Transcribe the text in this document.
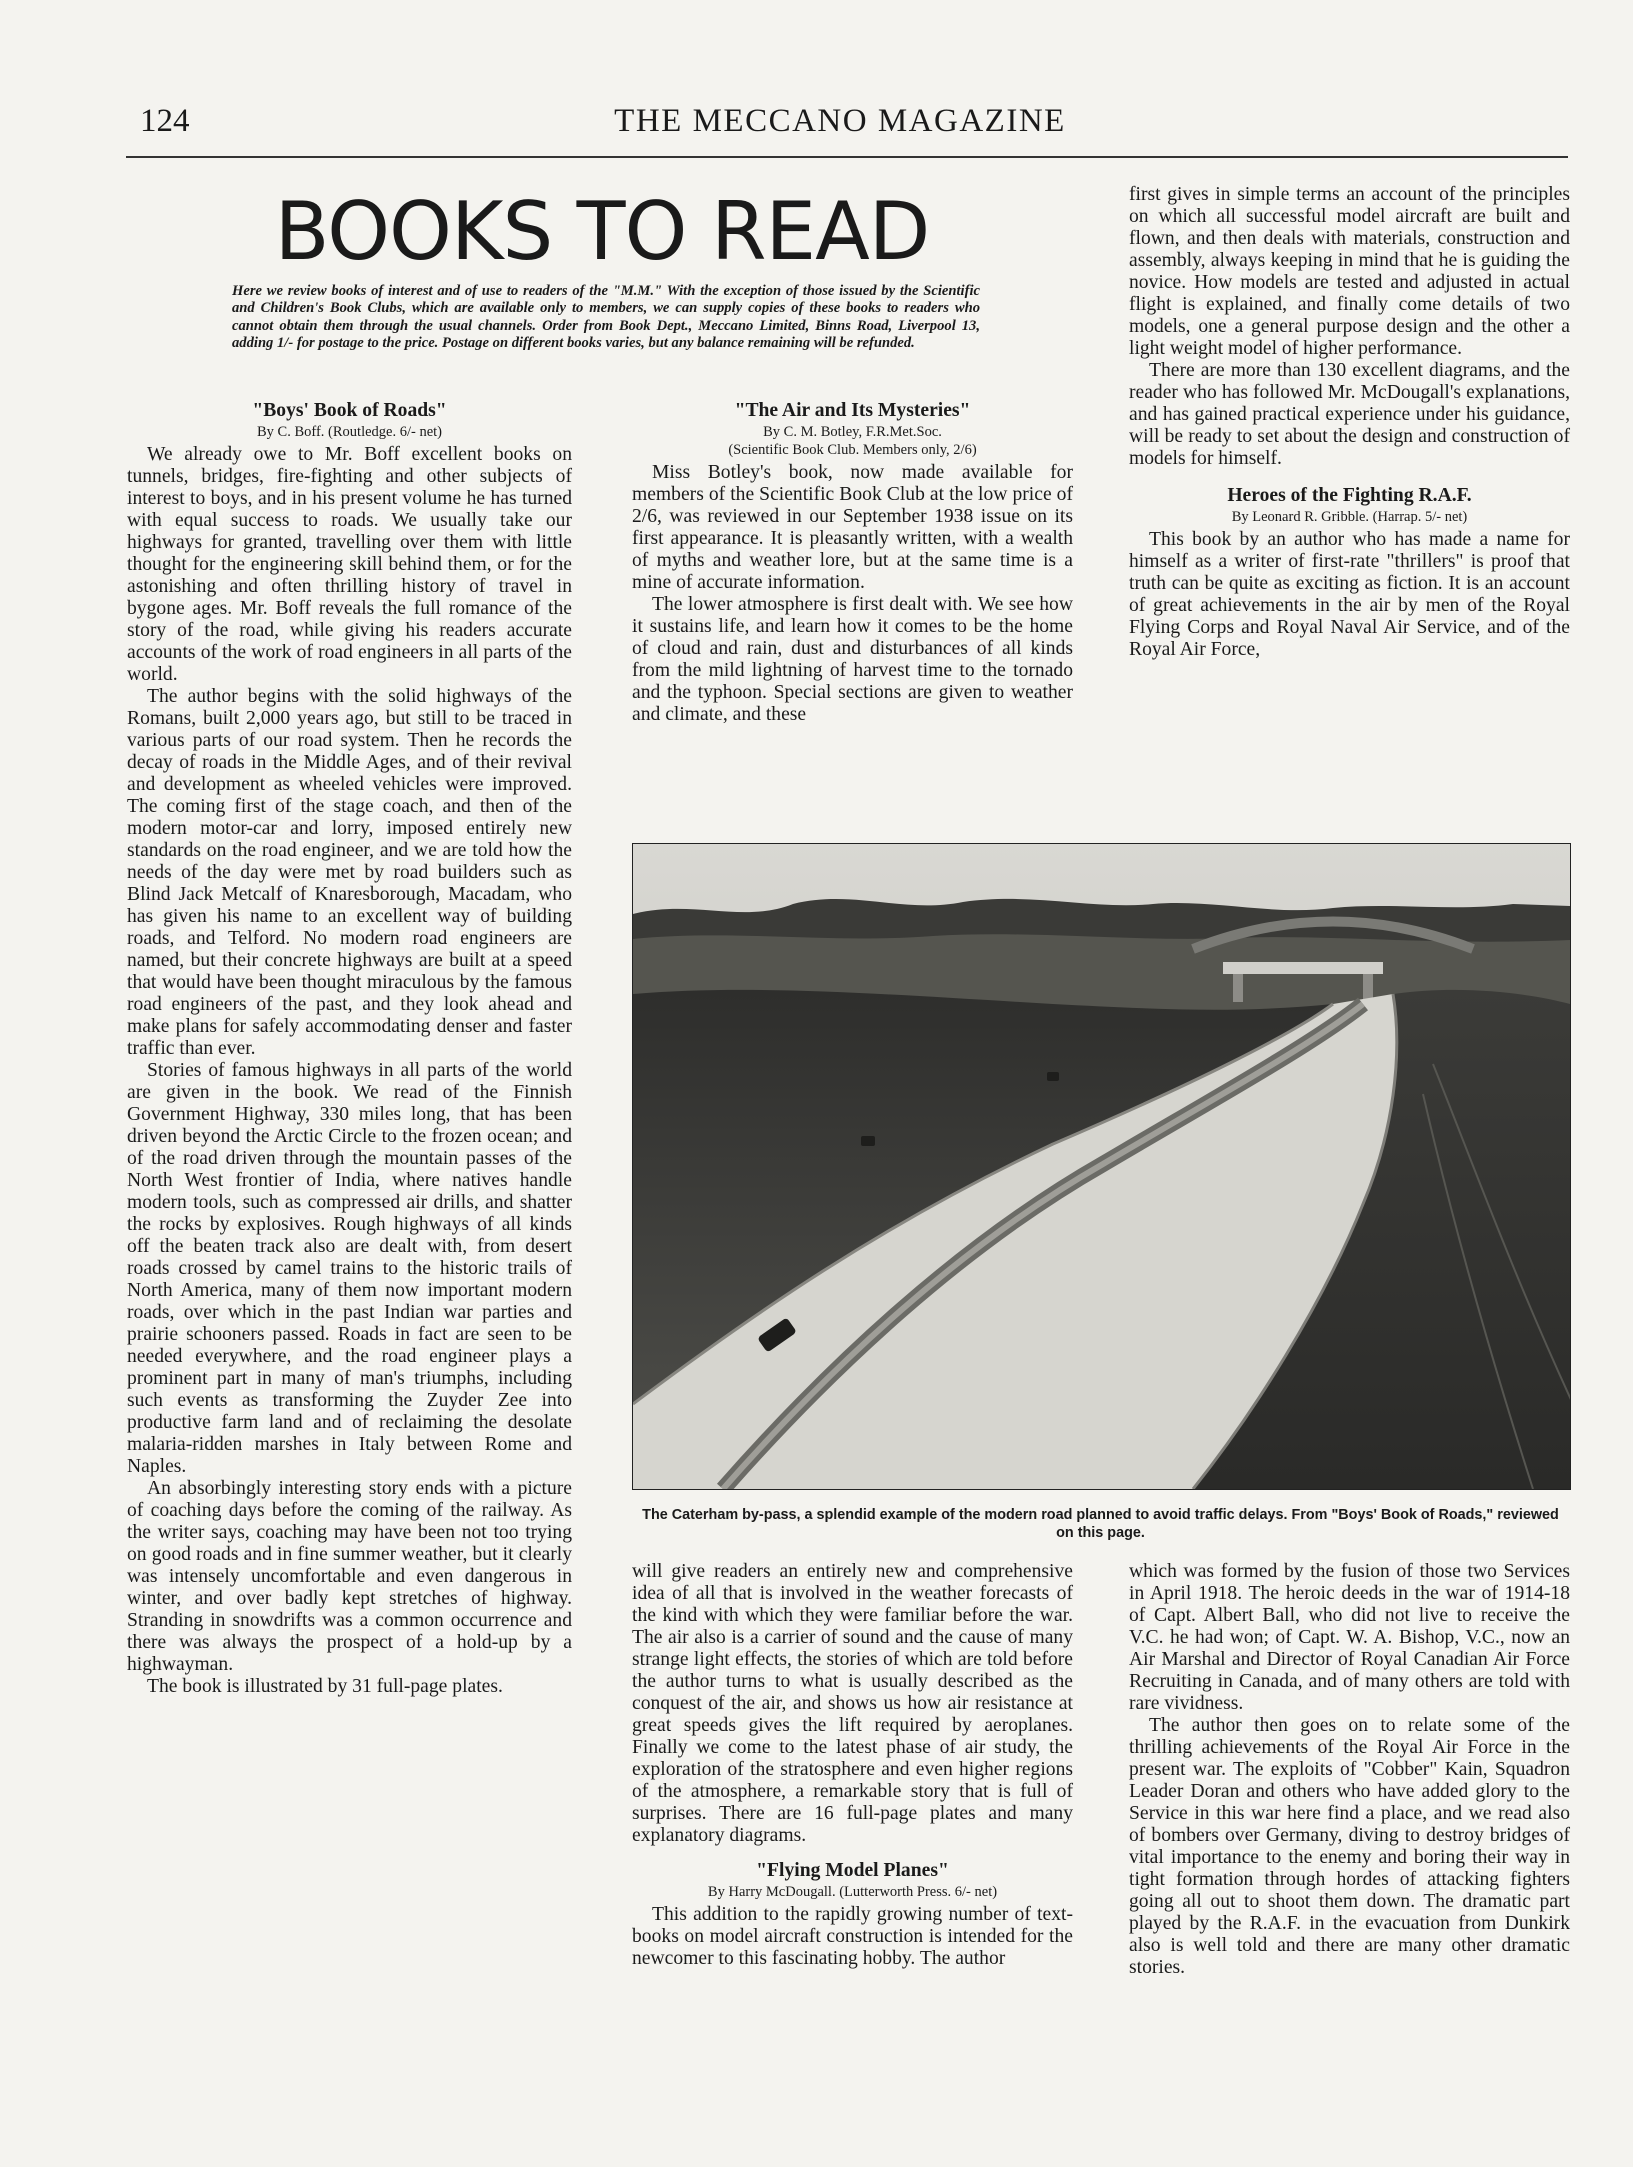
124	THE MECCANO MAGAZINE
BOOKS TO READ

Here we review books of interest and of use to readers of the "M.M." With the exception of those issued by the Scientific and Children's Book Clubs, which are available only to members, we can supply copies of these books to readers who cannot obtain them through the usual channels. Order from Book Dept., Meccano Limited, Binns Road, Liverpool 13, adding 1/- for postage to the price. Postage on different books varies, but any balance remaining will be refunded.

"Boys' Book of Roads"

By C. Boff. (Routledge. 6/- net)

We already owe to Mr. Boff excellent books on tunnels, bridges, fire-fighting and other subjects of interest to boys, and in his present volume he has turned with equal success to roads. We usually take our highways for granted, travelling over them with little thought for the engineering skill behind them, or for the astonishing and often thrilling history of travel in bygone ages. Mr. Boff reveals the full romance of the story of the road, while giving his readers accurate accounts of the work of road engineers in all parts of the world.

The author begins with the solid highways of the Romans, built 2,000 years ago, but still to be traced in various parts of our road system. Then he records the decay of roads in the Middle Ages, and of their revival and development as wheeled vehicles were improved. The coming first of the stage coach, and then of the modern motor-car and lorry, imposed entirely new standards on the road engineer, and we are told how the needs of the day were met by road builders such as Blind Jack Metcalf of Knaresborough, Macadam, who has given his name to an excellent way of building roads, and Telford. No modern road engineers are named, but their concrete highways are built at a speed that would have been thought miraculous by the famous road engineers of the past, and they look ahead and make plans for safely accommodating denser and faster traffic than ever.

Stories of famous highways in all parts of the world are given in the book. We read of the Finnish Government Highway, 330 miles long, that has been driven beyond the Arctic Circle to the frozen ocean; and of the road driven through the mountain passes of the North West frontier of India, where natives handle modern tools, such as compressed air drills, and shatter the rocks by explosives. Rough highways of all kinds off the beaten track also are dealt with, from desert roads crossed by camel trains to the historic trails of North America, many of them now important modern roads, over which in the past Indian war parties and prairie schooners passed. Roads in fact are seen to be needed everywhere, and the road engineer plays a prominent part in many of man's triumphs, including such events as transforming the Zuyder Zee into productive farm land and of reclaiming the desolate malaria-ridden marshes in Italy between Rome and Naples.

An absorbingly interesting story ends with a picture of coaching days before the coming of the railway. As the writer says, coaching may have been not too trying on good roads and in fine summer weather, but it clearly was intensely uncomfortable and even dangerous in winter, and over badly kept stretches of highway. Stranding in snowdrifts was a common occurrence and there was always the prospect of a hold-up by a highwayman.

The book is illustrated by 31 full-page plates.

"The Air and Its Mysteries"

By C. M. Botley, F.R.Met.Soc.

(Scientific Book Club. Members only, 2/6)

Miss Botley's book, now made available for members of the Scientific Book Club at the low price of 2/6, was reviewed in our September 1938 issue on its first appearance. It is pleasantly written, with a wealth of myths and weather lore, but at the same time is a mine of accurate information.

The lower atmosphere is first dealt with. We see how it sustains life, and learn how it comes to be the home of cloud and rain, dust and disturbances of all kinds from the mild lightning of harvest time to the tornado and the typhoon. Special sections are given to weather and climate, and these

first gives in simple terms an account of the principles on which all successful model aircraft are built and flown, and then deals with materials, construction and assembly, always keeping in mind that he is guiding the novice. How models are tested and adjusted in actual flight is explained, and finally come details of two models, one a general purpose design and the other a light weight model of higher performance.

There are more than 130 excellent diagrams, and the reader who has followed Mr. McDougall's explanations, and has gained practical experience under his guidance, will be ready to set about the design and construction of models for himself.

Heroes of the Fighting R.A.F.

By Leonard R. Gribble. (Harrap. 5/- net)

This book by an author who has made a name for himself as a writer of first-rate "thrillers" is proof that truth can be quite as exciting as fiction. It is an account of great achievements in the air by men of the Royal Flying Corps and Royal Naval Air Service, and of the Royal Air Force,

The Caterham by-pass, a splendid example of the modern road planned to avoid traffic delays. From "Boys' Book of Roads," reviewed on this page.

will give readers an entirely new and comprehensive idea of all that is involved in the weather forecasts of the kind with which they were familiar before the war. The air also is a carrier of sound and the cause of many strange light effects, the stories of which are told before the author turns to what is usually described as the conquest of the air, and shows us how air resistance at great speeds gives the lift required by aeroplanes. Finally we come to the latest phase of air study, the exploration of the stratosphere and even higher regions of the atmosphere, a remarkable story that is full of surprises. There are 16 full-page plates and many explanatory diagrams.

"Flying Model Planes"

By Harry McDougall. (Lutterworth Press. 6/- net)

This addition to the rapidly growing number of text-books on model aircraft construction is intended for the newcomer to this fascinating hobby. The author

which was formed by the fusion of those two Services in April 1918. The heroic deeds in the war of 1914-18 of Capt. Albert Ball, who did not live to receive the V.C. he had won; of Capt. W. A. Bishop, V.C., now an Air Marshal and Director of Royal Canadian Air Force Recruiting in Canada, and of many others are told with rare vividness.

The author then goes on to relate some of the thrilling achievements of the Royal Air Force in the present war. The exploits of "Cobber" Kain, Squadron Leader Doran and others who have added glory to the Service in this war here find a place, and we read also of bombers over Germany, diving to destroy bridges of vital importance to the enemy and boring their way in tight formation through hordes of attacking fighters going all out to shoot them down. The dramatic part played by the R.A.F. in the evacuation from Dunkirk also is well told and there are many other dramatic stories.
